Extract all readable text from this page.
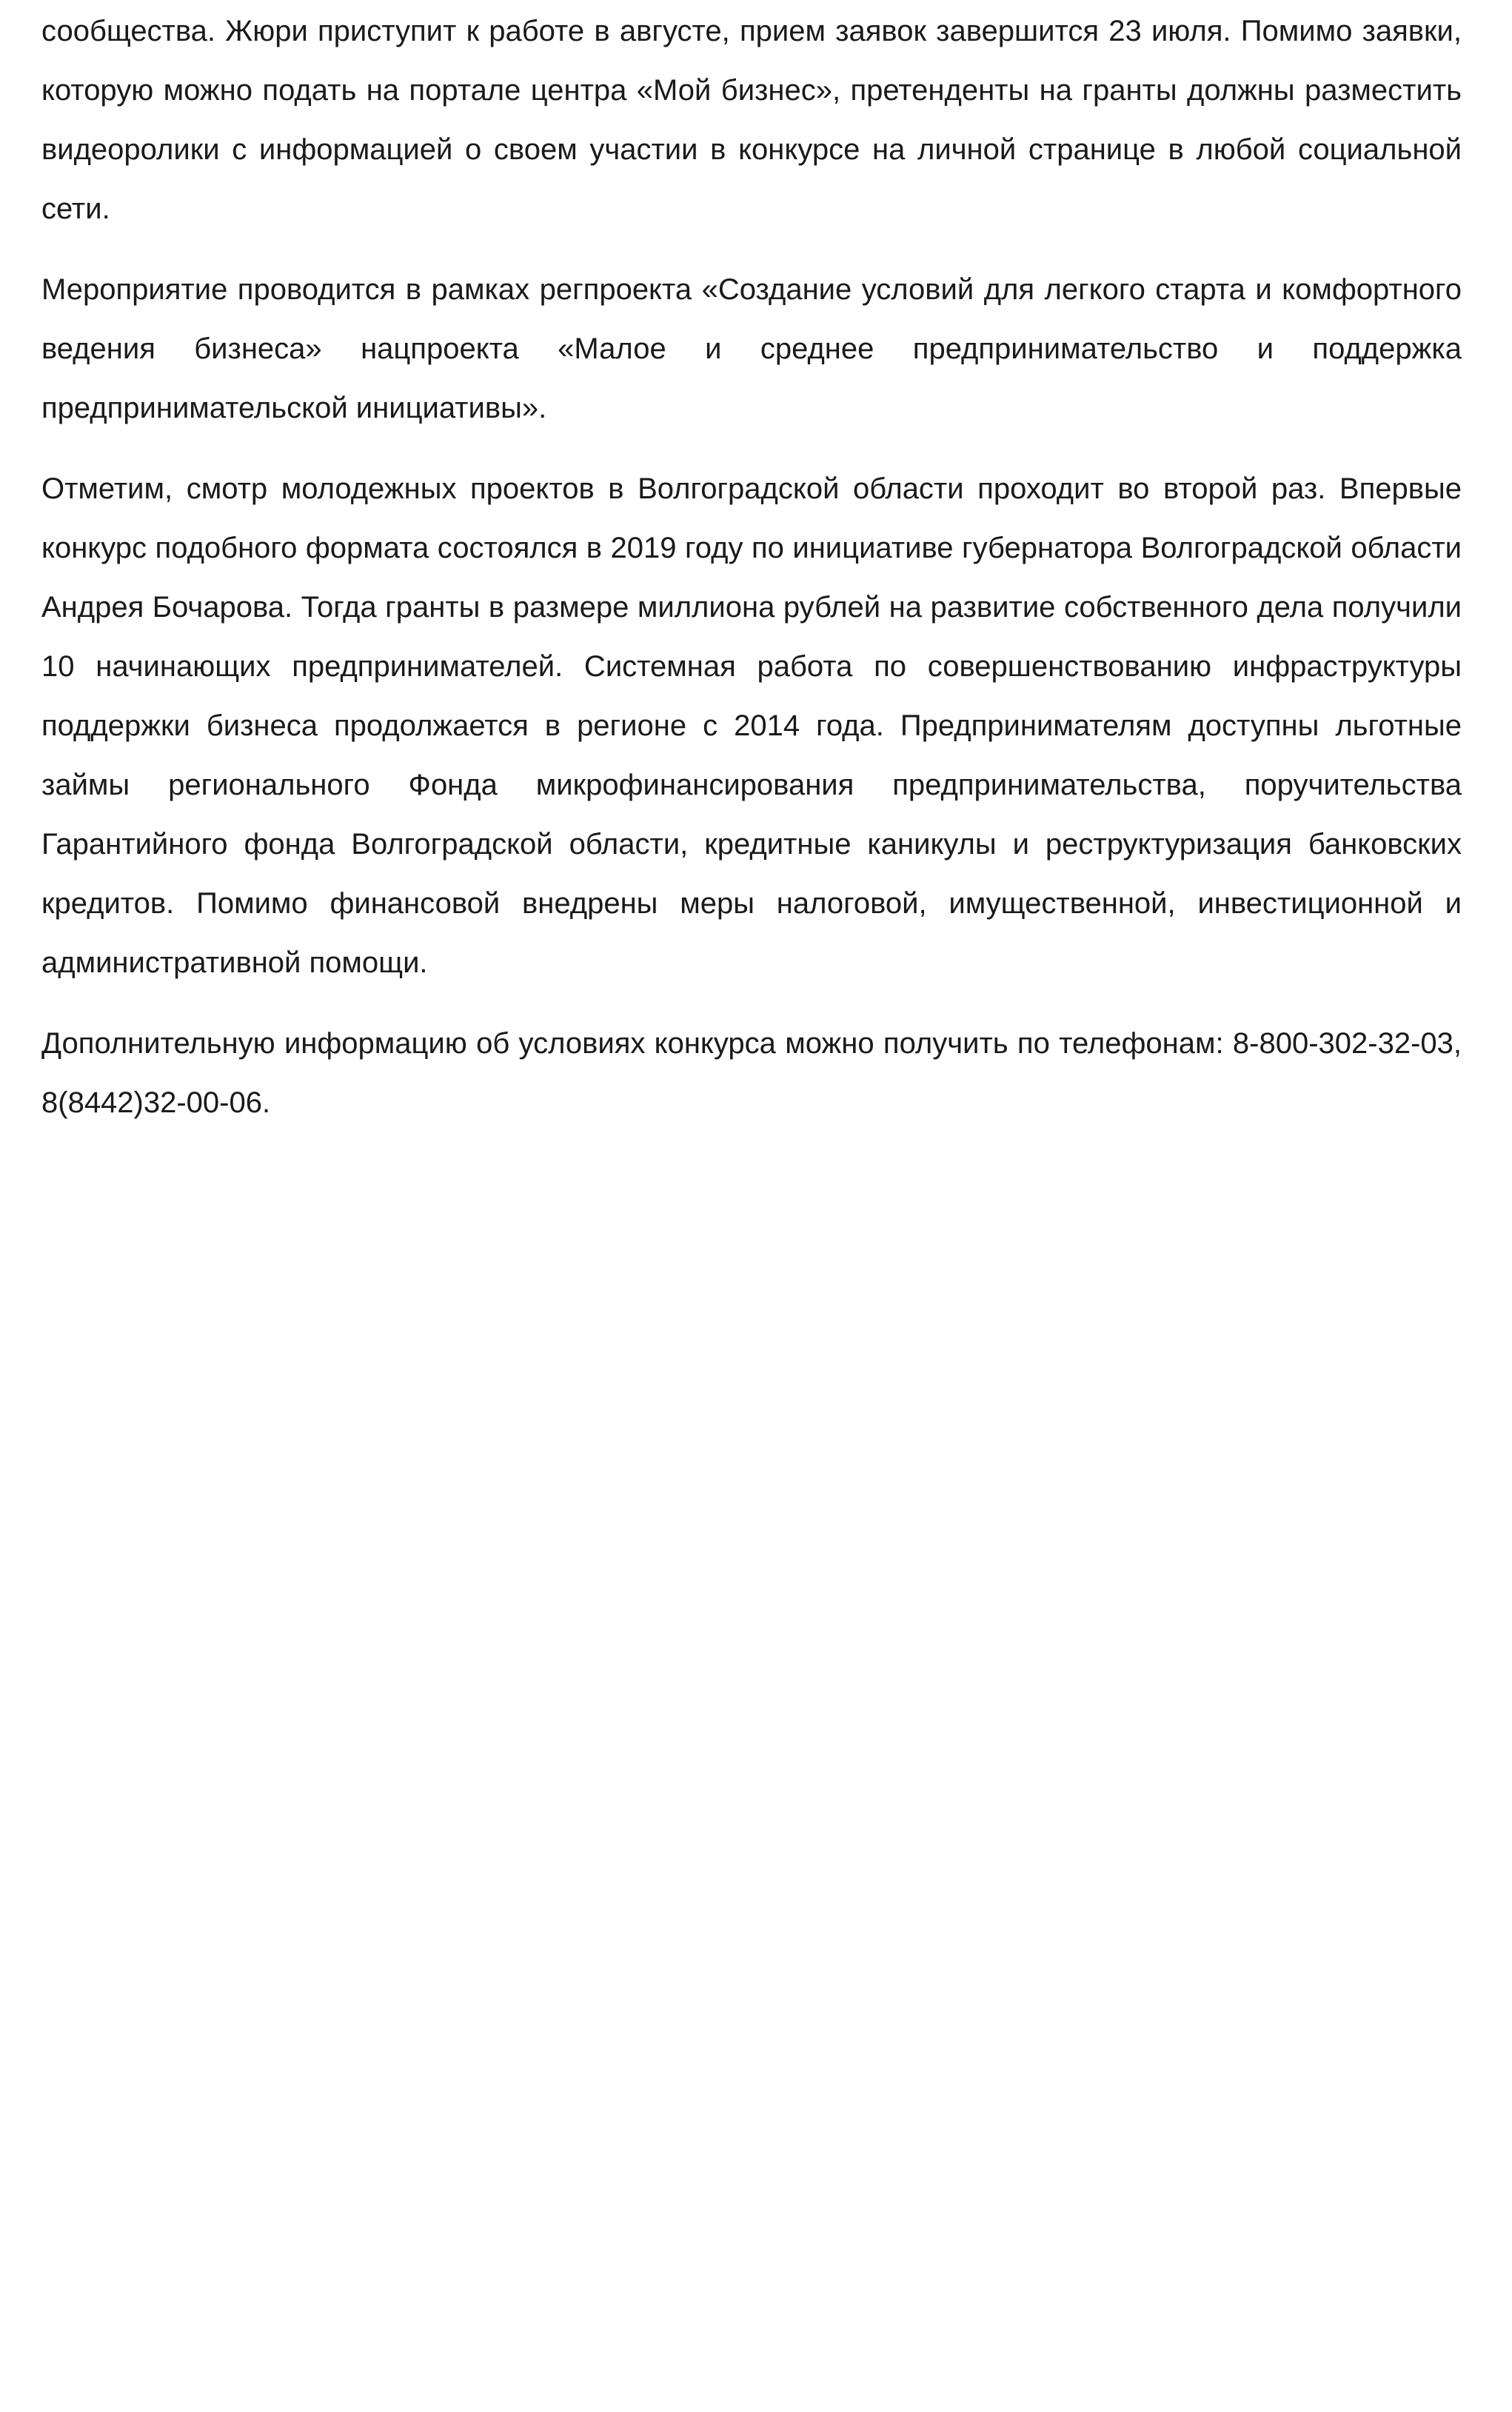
сообщества. Жюри приступит к работе в августе, прием заявок завершится 23 июля. Помимо заявки, которую можно подать на портале центра «Мой бизнес», претенденты на гранты должны разместить видеоролики с информацией о своем участии в конкурсе на личной странице в любой социальной сети.

Мероприятие проводится в рамках регпроекта «Создание условий для легкого старта и комфортного ведения бизнеса» нацпроекта «Малое и среднее предпринимательство и поддержка предпринимательской инициативы».

Отметим, смотр молодежных проектов в Волгоградской области проходит во второй раз. Впервые конкурс подобного формата состоялся в 2019 году по инициативе губернатора Волгоградской области Андрея Бочарова. Тогда гранты в размере миллиона рублей на развитие собственного дела получили 10 начинающих предпринимателей. Системная работа по совершенствованию инфраструктуры поддержки бизнеса продолжается в регионе с 2014 года. Предпринимателям доступны льготные займы регионального Фонда микрофинансирования предпринимательства, поручительства Гарантийного фонда Волгоградской области, кредитные каникулы и реструктуризация банковских кредитов. Помимо финансовой внедрены меры налоговой, имущественной, инвестиционной и административной помощи.

Дополнительную информацию об условиях конкурса можно получить по телефонам: 8-800-302-32-03, 8(8442)32-00-06.
